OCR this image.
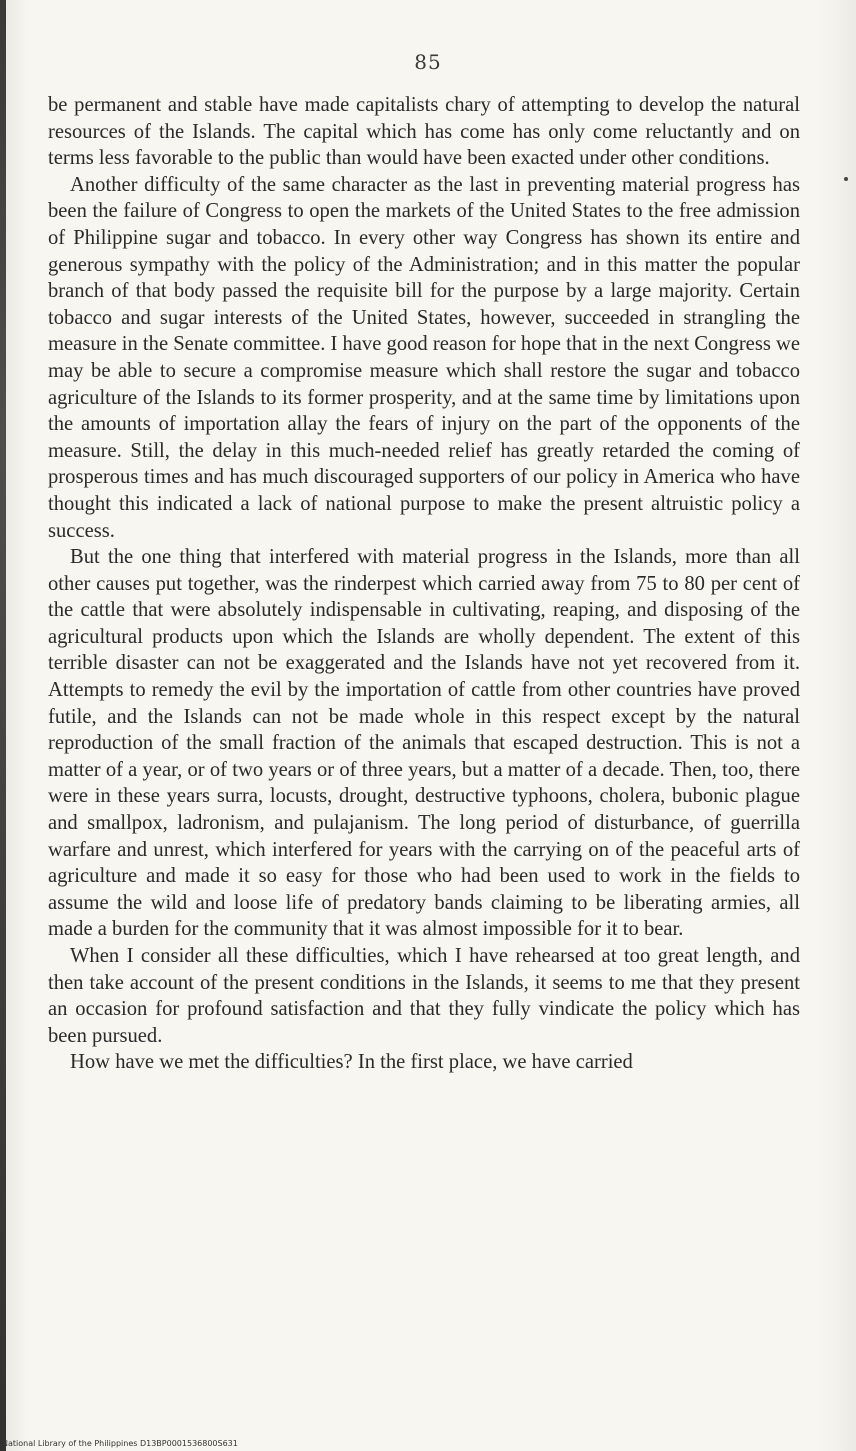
85

be permanent and stable have made capitalists chary of attempting to develop the natural resources of the Islands. The capital which has come has only come reluctantly and on terms less favorable to the public than would have been exacted under other conditions.

Another difficulty of the same character as the last in preventing material progress has been the failure of Congress to open the markets of the United States to the free admission of Philippine sugar and tobacco. In every other way Congress has shown its entire and generous sympathy with the policy of the Administration; and in this matter the popular branch of that body passed the requisite bill for the purpose by a large majority. Certain tobacco and sugar interests of the United States, however, succeeded in strangling the measure in the Senate committee. I have good reason for hope that in the next Congress we may be able to secure a compromise measure which shall restore the sugar and tobacco agriculture of the Islands to its former prosperity, and at the same time by limitations upon the amounts of importation allay the fears of injury on the part of the opponents of the measure. Still, the delay in this much-needed relief has greatly retarded the coming of prosperous times and has much discouraged supporters of our policy in America who have thought this indicated a lack of national purpose to make the present altruistic policy a success.

But the one thing that interfered with material progress in the Islands, more than all other causes put together, was the rinderpest which carried away from 75 to 80 per cent of the cattle that were absolutely indispensable in cultivating, reaping, and disposing of the agricultural products upon which the Islands are wholly dependent. The extent of this terrible disaster can not be exaggerated and the Islands have not yet recovered from it. Attempts to remedy the evil by the importation of cattle from other countries have proved futile, and the Islands can not be made whole in this respect except by the natural reproduction of the small fraction of the animals that escaped destruction. This is not a matter of a year, or of two years or of three years, but a matter of a decade. Then, too, there were in these years surra, locusts, drought, destructive typhoons, cholera, bubonic plague and smallpox, ladronism, and pulajanism. The long period of disturbance, of guerrilla warfare and unrest, which interfered for years with the carrying on of the peaceful arts of agriculture and made it so easy for those who had been used to work in the fields to assume the wild and loose life of predatory bands claiming to be liberating armies, all made a burden for the community that it was almost impossible for it to bear.

When I consider all these difficulties, which I have rehearsed at too great length, and then take account of the present conditions in the Islands, it seems to me that they present an occasion for profound satisfaction and that they fully vindicate the policy which has been pursued.

How have we met the difficulties? In the first place, we have carried

National Library of the Philippines D13BP0001536800S631
